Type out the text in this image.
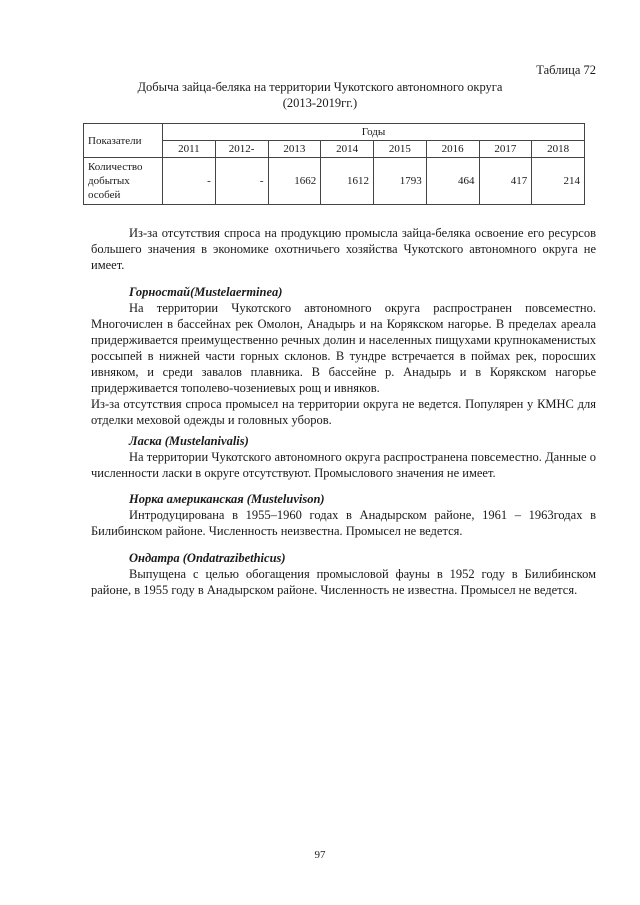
Таблица 72
Добыча зайца-беляка на территории Чукотского автономного округа
(2013-2019гг.)
Показатели	Годы							
	2011	2012-	2013	2014	2015	2016	2017	2018
Количество добытых особей	-	-	1662	1612	1793	464	417	214
Из-за отсутствия спроса на продукцию промысла зайца-беляка освоение его ресурсов большего значения в экономике охотничьего хозяйства Чукотского автономного округа не имеет.
Горностай(Mustelaerminea)
На территории Чукотского автономного округа распространен повсеместно. Многочислен в бассейнах рек Омолон, Анадырь и на Корякском нагорье. В пределах ареала придерживается преимущественно речных долин и населенных пищухами крупнокаменистых россыпей в нижней части горных склонов. В тундре встречается в поймах рек, поросших ивняком, и среди завалов плавника. В бассейне р. Анадырь и в Корякском нагорье придерживается тополево-чозениевых рощ и ивняков.
Из-за отсутствия спроса промысел на территории округа не ведется. Популярен у КМНС для отделки меховой одежды и головных уборов.
Ласка (Mustelanivalis)
На территории Чукотского автономного округа распространена повсеместно. Данные о численности ласки в округе отсутствуют. Промыслового значения не имеет.
Норка американская (Musteluvison)
Интродуцирована в 1955–1960 годах в Анадырском районе, 1961 – 1963годах в Билибинском районе. Численность неизвестна. Промысел не ведется.
Ондатра (Ondatrazibethicus)
Выпущена с целью обогащения промысловой фауны в 1952 году в Билибинском районе, в 1955 году в Анадырском районе. Численность не известна. Промысел не ведется.
97
